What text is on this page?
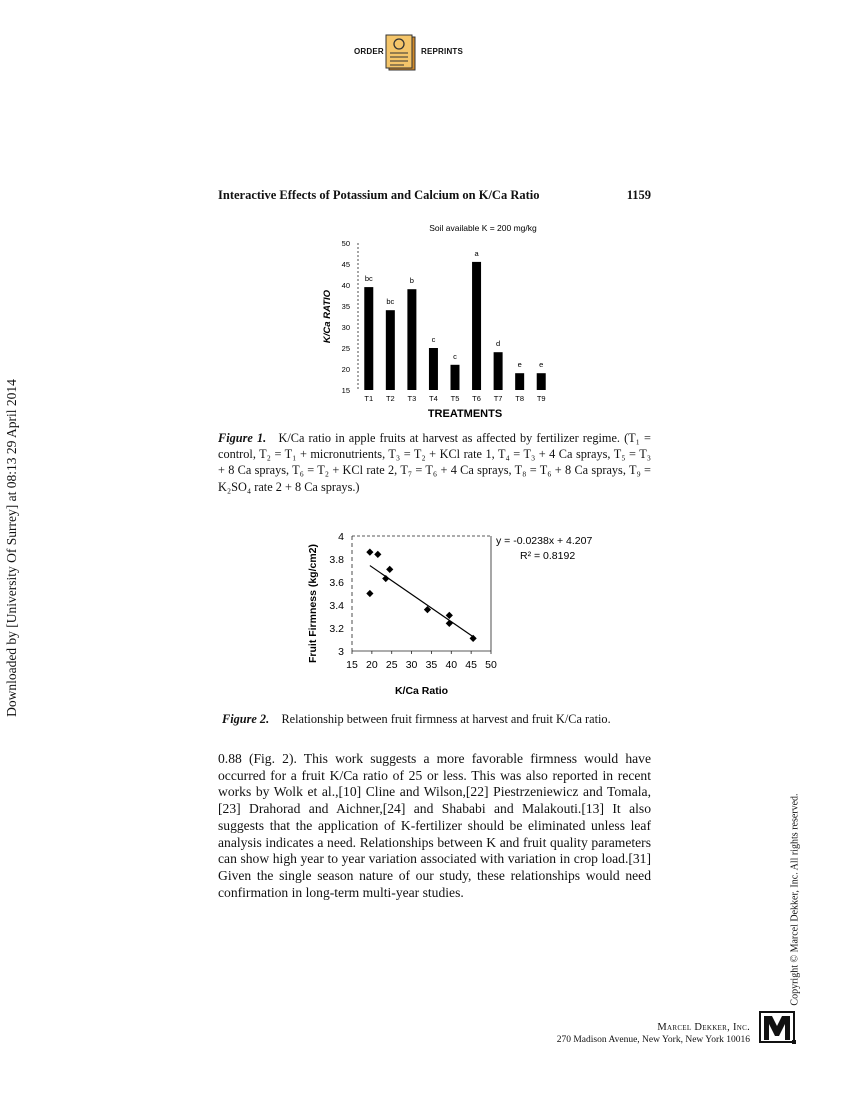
ORDER	REPRINTS
Downloaded by [University Of Surrey] at 08:13 29 April 2014
Copyright © Marcel Dekker, Inc. All rights reserved.
Interactive Effects of Potassium and Calcium on K/Ca Ratio	1159
Soil available K = 200 mg/kg
15
20
25
30
35
40
45
50
K/Ca RATIO
bc
T1
bc
T2
b
T3
c
T4
c
T5
a
T6
d
T7
e
T8
e
T9
TREATMENTS
Figure 1. K/Ca ratio in apple fruits at harvest as affected by fertilizer regime. (T₁ = control, T₂ = T₁ + micronutrients, T₃ = T₂ + KCl rate 1, T₄ = T₃ + 4 Ca sprays, T₅ = T₃ + 8 Ca sprays, T₆ = T₂ + KCl rate 2, T₇ = T₆ + 4 Ca sprays, T₈ = T₆ + 8 Ca sprays, T₉ = K₂SO₄ rate 2 + 8 Ca sprays.)
3
3.2
3.4
3.6
3.8
4
15 20 25 30 35 40 45 50
Fruit Firmness (kg/cm2)
K/Ca Ratio
y = -0.0238x + 4.207
R² = 0.8192
Figure 2. Relationship between fruit firmness at harvest and fruit K/Ca ratio.
0.88 (Fig. 2). This work suggests a more favorable firmness would have occurred for a fruit K/Ca ratio of 25 or less. This was also reported in recent works by Wolk et al.,[10] Cline and Wilson,[22] Piestrzeniewicz and Tomala,[23] Drahorad and Aichner,[24] and Shababi and Malakouti.[13] It also suggests that the application of K-fertilizer should be eliminated unless leaf analysis indicates a need. Relationships between K and fruit quality parameters can show high year to year variation associated with variation in crop load.[31] Given the single season nature of our study, these relationships would need confirmation in long-term multi-year studies.
Marcel Dekker, Inc.
270 Madison Avenue, New York, New York 10016
